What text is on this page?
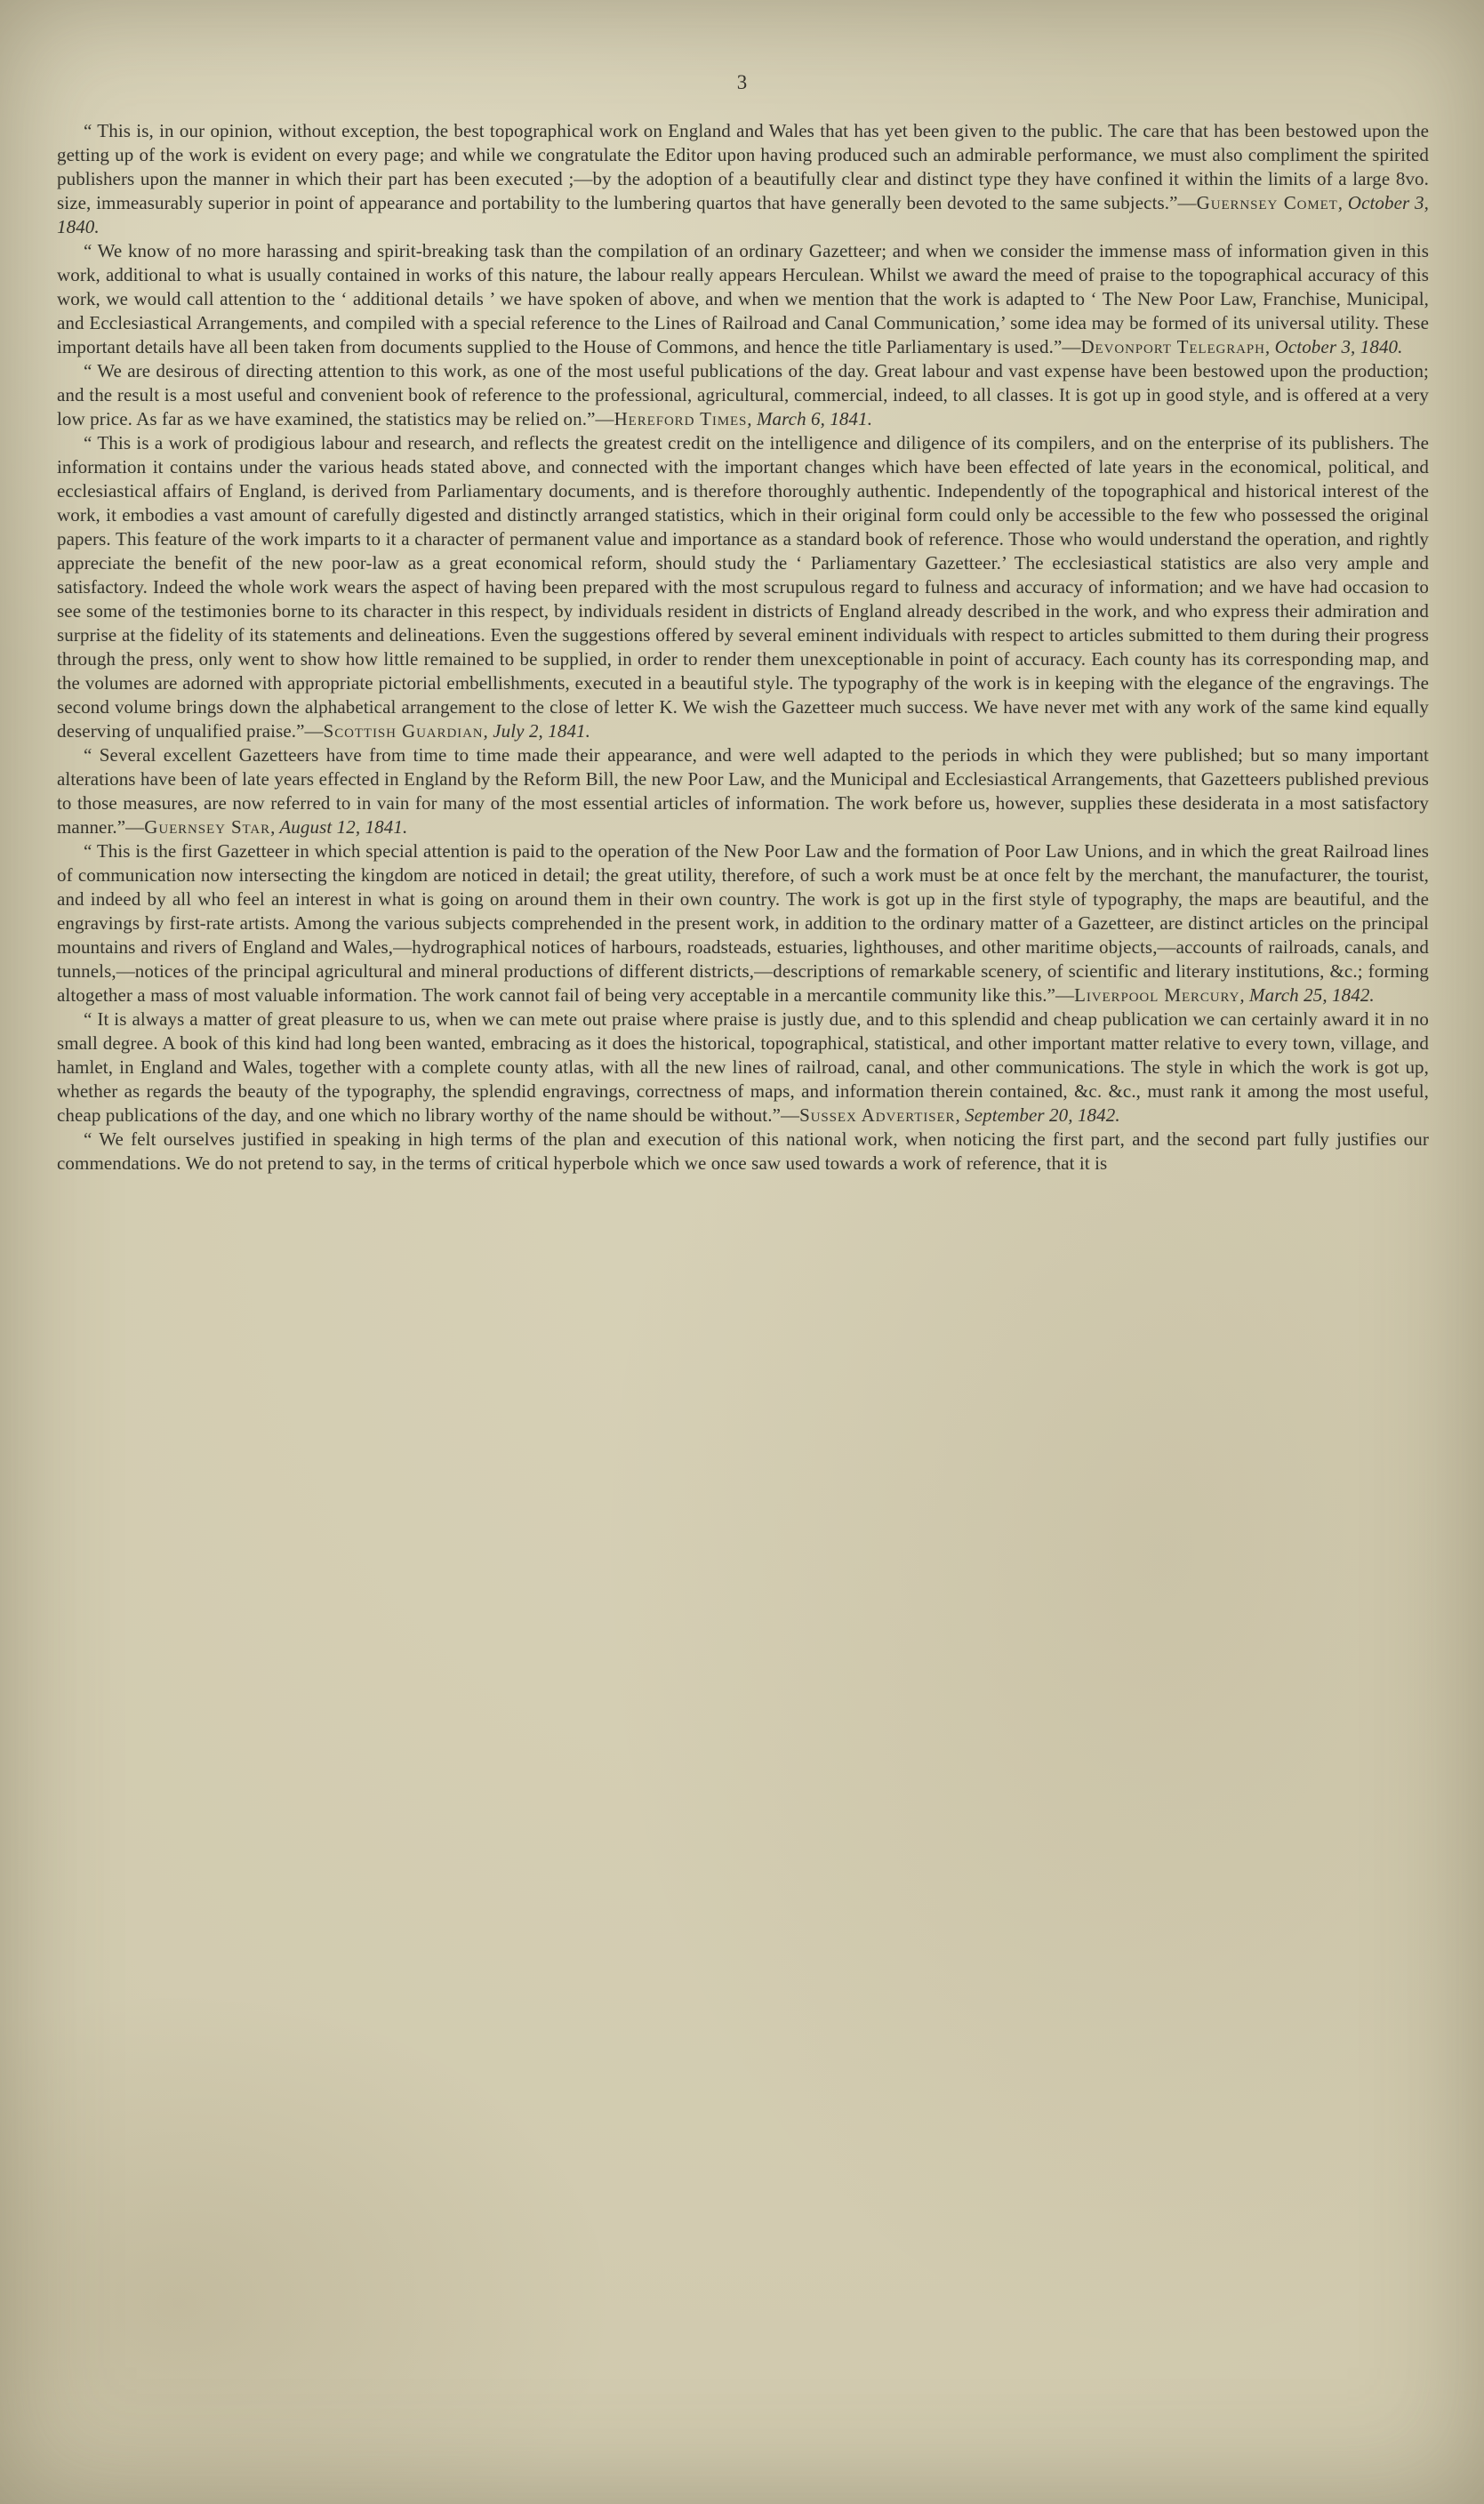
3

“ This is, in our opinion, without exception, the best topographical work on England and Wales that has yet been given to the public. The care that has been bestowed upon the getting up of the work is evident on every page; and while we congratulate the Editor upon having produced such an admirable performance, we must also compliment the spirited publishers upon the manner in which their part has been executed ;—by the adoption of a beautifully clear and distinct type they have confined it within the limits of a large 8vo. size, immeasurably superior in point of appearance and portability to the lumbering quartos that have generally been devoted to the same subjects.”—Guernsey Comet, October 3, 1840.

“ We know of no more harassing and spirit-breaking task than the compilation of an ordinary Gazetteer; and when we consider the immense mass of information given in this work, additional to what is usually contained in works of this nature, the labour really appears Herculean. Whilst we award the meed of praise to the topographical accuracy of this work, we would call attention to the ‘ additional details ’ we have spoken of above, and when we mention that the work is adapted to ‘ The New Poor Law, Franchise, Municipal, and Ecclesiastical Arrangements, and compiled with a special reference to the Lines of Railroad and Canal Communication,’ some idea may be formed of its universal utility. These important details have all been taken from documents supplied to the House of Commons, and hence the title Parliamentary is used.”—Devonport Telegraph, October 3, 1840.

“ We are desirous of directing attention to this work, as one of the most useful publications of the day. Great labour and vast expense have been bestowed upon the production; and the result is a most useful and convenient book of reference to the professional, agricultural, commercial, indeed, to all classes. It is got up in good style, and is offered at a very low price. As far as we have examined, the statistics may be relied on.”—Hereford Times, March 6, 1841.

“ This is a work of prodigious labour and research, and reflects the greatest credit on the intelligence and diligence of its compilers, and on the enterprise of its publishers. The information it contains under the various heads stated above, and connected with the important changes which have been effected of late years in the economical, political, and ecclesiastical affairs of England, is derived from Parliamentary documents, and is therefore thoroughly authentic. Independently of the topographical and historical interest of the work, it embodies a vast amount of carefully digested and distinctly arranged statistics, which in their original form could only be accessible to the few who possessed the original papers. This feature of the work imparts to it a character of permanent value and importance as a standard book of reference. Those who would understand the operation, and rightly appreciate the benefit of the new poor-law as a great economical reform, should study the ‘ Parliamentary Gazetteer.’ The ecclesiastical statistics are also very ample and satisfactory. Indeed the whole work wears the aspect of having been prepared with the most scrupulous regard to fulness and accuracy of information; and we have had occasion to see some of the testimonies borne to its character in this respect, by individuals resident in districts of England already described in the work, and who express their admiration and surprise at the fidelity of its statements and delineations. Even the suggestions offered by several eminent individuals with respect to articles submitted to them during their progress through the press, only went to show how little remained to be supplied, in order to render them unexceptionable in point of accuracy. Each county has its corresponding map, and the volumes are adorned with appropriate pictorial embellishments, executed in a beautiful style. The typography of the work is in keeping with the elegance of the engravings. The second volume brings down the alphabetical arrangement to the close of letter K. We wish the Gazetteer much success. We have never met with any work of the same kind equally deserving of unqualified praise.”—Scottish Guardian, July 2, 1841.

“ Several excellent Gazetteers have from time to time made their appearance, and were well adapted to the periods in which they were published; but so many important alterations have been of late years effected in England by the Reform Bill, the new Poor Law, and the Municipal and Ecclesiastical Arrangements, that Gazetteers published previous to those measures, are now referred to in vain for many of the most essential articles of information. The work before us, however, supplies these desiderata in a most satisfactory manner.”—Guernsey Star, August 12, 1841.

“ This is the first Gazetteer in which special attention is paid to the operation of the New Poor Law and the formation of Poor Law Unions, and in which the great Railroad lines of communication now intersecting the kingdom are noticed in detail; the great utility, therefore, of such a work must be at once felt by the merchant, the manufacturer, the tourist, and indeed by all who feel an interest in what is going on around them in their own country. The work is got up in the first style of typography, the maps are beautiful, and the engravings by first-rate artists. Among the various subjects comprehended in the present work, in addition to the ordinary matter of a Gazetteer, are distinct articles on the principal mountains and rivers of England and Wales,—hydrographical notices of harbours, roadsteads, estuaries, lighthouses, and other maritime objects,—accounts of railroads, canals, and tunnels,—notices of the principal agricultural and mineral productions of different districts,—descriptions of remarkable scenery, of scientific and literary institutions, &c.; forming altogether a mass of most valuable information. The work cannot fail of being very acceptable in a mercantile community like this.”—Liverpool Mercury, March 25, 1842.

“ It is always a matter of great pleasure to us, when we can mete out praise where praise is justly due, and to this splendid and cheap publication we can certainly award it in no small degree. A book of this kind had long been wanted, embracing as it does the historical, topographical, statistical, and other important matter relative to every town, village, and hamlet, in England and Wales, together with a complete county atlas, with all the new lines of railroad, canal, and other communications. The style in which the work is got up, whether as regards the beauty of the typography, the splendid engravings, correctness of maps, and information therein contained, &c. &c., must rank it among the most useful, cheap publications of the day, and one which no library worthy of the name should be without.”—Sussex Advertiser, September 20, 1842.

“ We felt ourselves justified in speaking in high terms of the plan and execution of this national work, when noticing the first part, and the second part fully justifies our commendations. We do not pretend to say, in the terms of critical hyperbole which we once saw used towards a work of reference, that it is
